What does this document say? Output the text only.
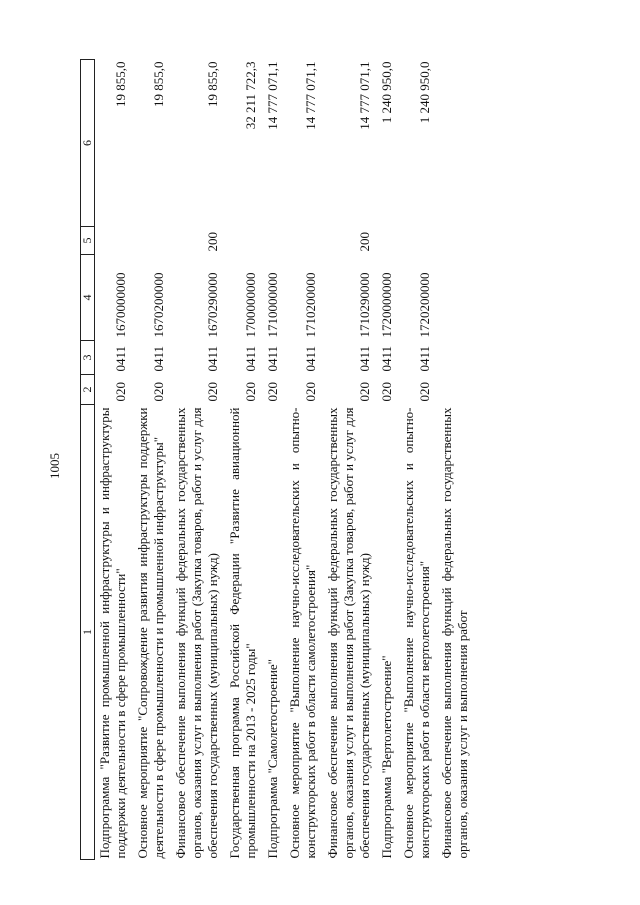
1005
1	2	3	4	5	6
Подпрограмма "Развитие промышленной инфраструктуры и инфраструктуры поддержки деятельности в сфере промышленности"	020	0411	1670000000		19 855,0
Основное мероприятие "Сопровождение развития инфраструктуры поддержки деятельности в сфере промышленности и промышленной инфраструктуры"	020	0411	1670200000		19 855,0
Финансовое обеспечение выполнения функций федеральных государственных органов, оказания услуг и выполнения работ (Закупка товаров, работ и услуг для обеспечения государственных (муниципальных) нужд)	020	0411	1670290000	200	19 855,0
Государственная программа Российской Федерации "Развитие авиационной промышленности на 2013 - 2025 годы"	020	0411	1700000000		32 211 722,3
Подпрограмма "Самолетостроение"	020	0411	1710000000		14 777 071,1
Основное мероприятие "Выполнение научно-исследовательских и опытно-конструкторских работ в области самолетостроения"	020	0411	1710200000		14 777 071,1
Финансовое обеспечение выполнения функций федеральных государственных органов, оказания услуг и выполнения работ (Закупка товаров, работ и услуг для обеспечения государственных (муниципальных) нужд)	020	0411	1710290000	200	14 777 071,1
Подпрограмма "Вертолетостроение"	020	0411	1720000000		1 240 950,0
Основное мероприятие "Выполнение научно-исследовательских и опытно-конструкторских работ в области вертолетостроения"	020	0411	1720200000		1 240 950,0
Финансовое обеспечение выполнения функций федеральных государственных органов, оказания услуг и выполнения работ					
